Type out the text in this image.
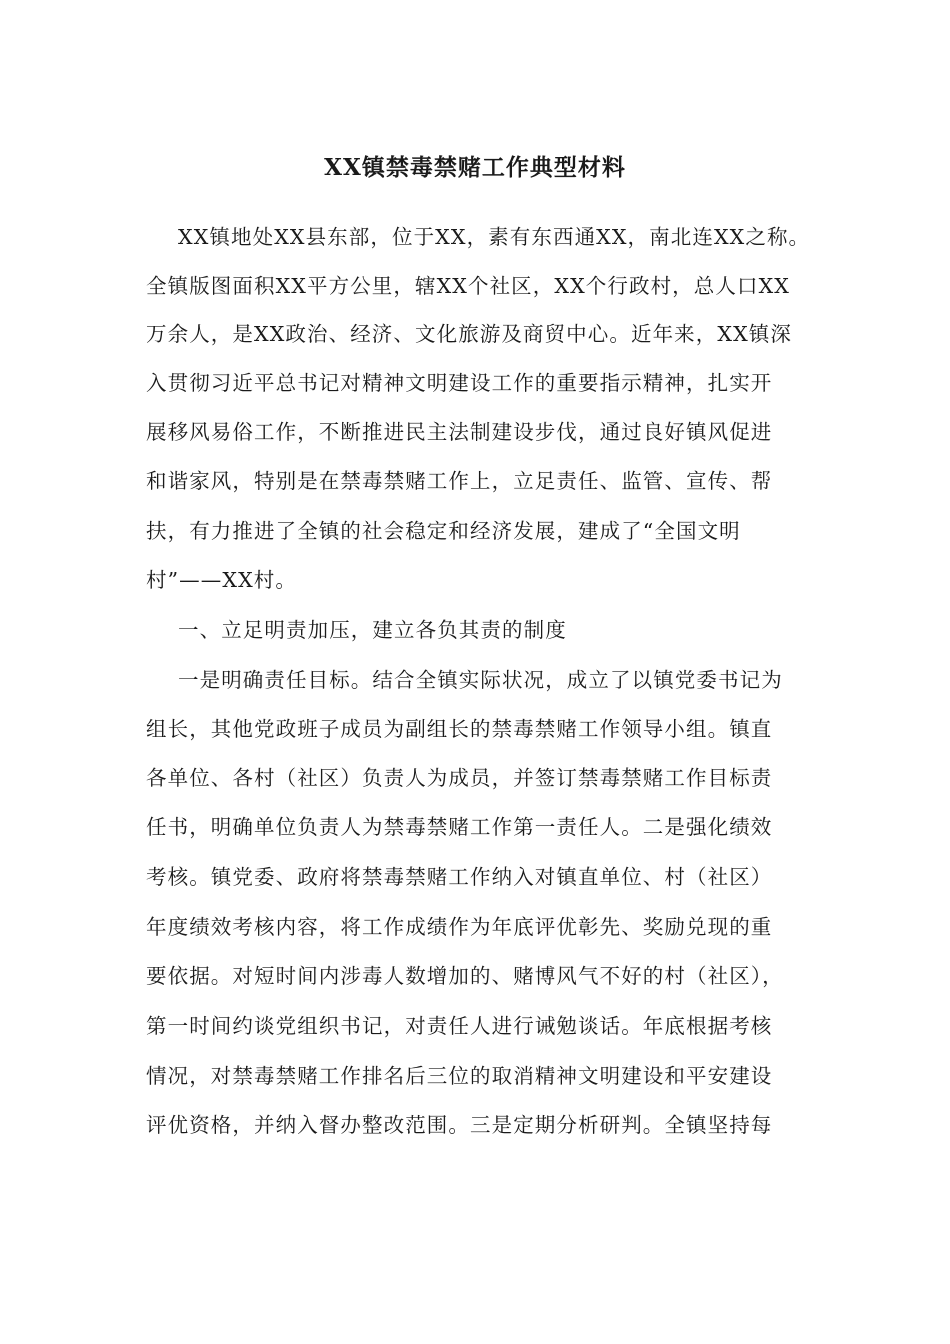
XX镇禁毒禁赌工作典型材料
XX镇地处XX县东部，位于XX，素有东西通XX，南北连XX之称。
全镇版图面积XX平方公里，辖XX个社区，XX个行政村，总人口XX
万余人，是XX政治、经济、文化旅游及商贸中心。近年来，XX镇深
入贯彻习近平总书记对精神文明建设工作的重要指示精神，扎实开
展移风易俗工作，不断推进民主法制建设步伐，通过良好镇风促进
和谐家风，特别是在禁毒禁赌工作上，立足责任、监管、宣传、帮
扶，有力推进了全镇的社会稳定和经济发展，建成了“全国文明
村”——XX村。
一、立足明责加压，建立各负其责的制度
一是明确责任目标。结合全镇实际状况，成立了以镇党委书记为
组长，其他党政班子成员为副组长的禁毒禁赌工作领导小组。镇直
各单位、各村（社区）负责人为成员，并签订禁毒禁赌工作目标责
任书，明确单位负责人为禁毒禁赌工作第一责任人。二是强化绩效
考核。镇党委、政府将禁毒禁赌工作纳入对镇直单位、村（社区）
年度绩效考核内容，将工作成绩作为年底评优彰先、奖励兑现的重
要依据。对短时间内涉毒人数增加的、赌博风气不好的村（社区），
第一时间约谈党组织书记，对责任人进行诫勉谈话。年底根据考核
情况，对禁毒禁赌工作排名后三位的取消精神文明建设和平安建设
评优资格，并纳入督办整改范围。三是定期分析研判。全镇坚持每
